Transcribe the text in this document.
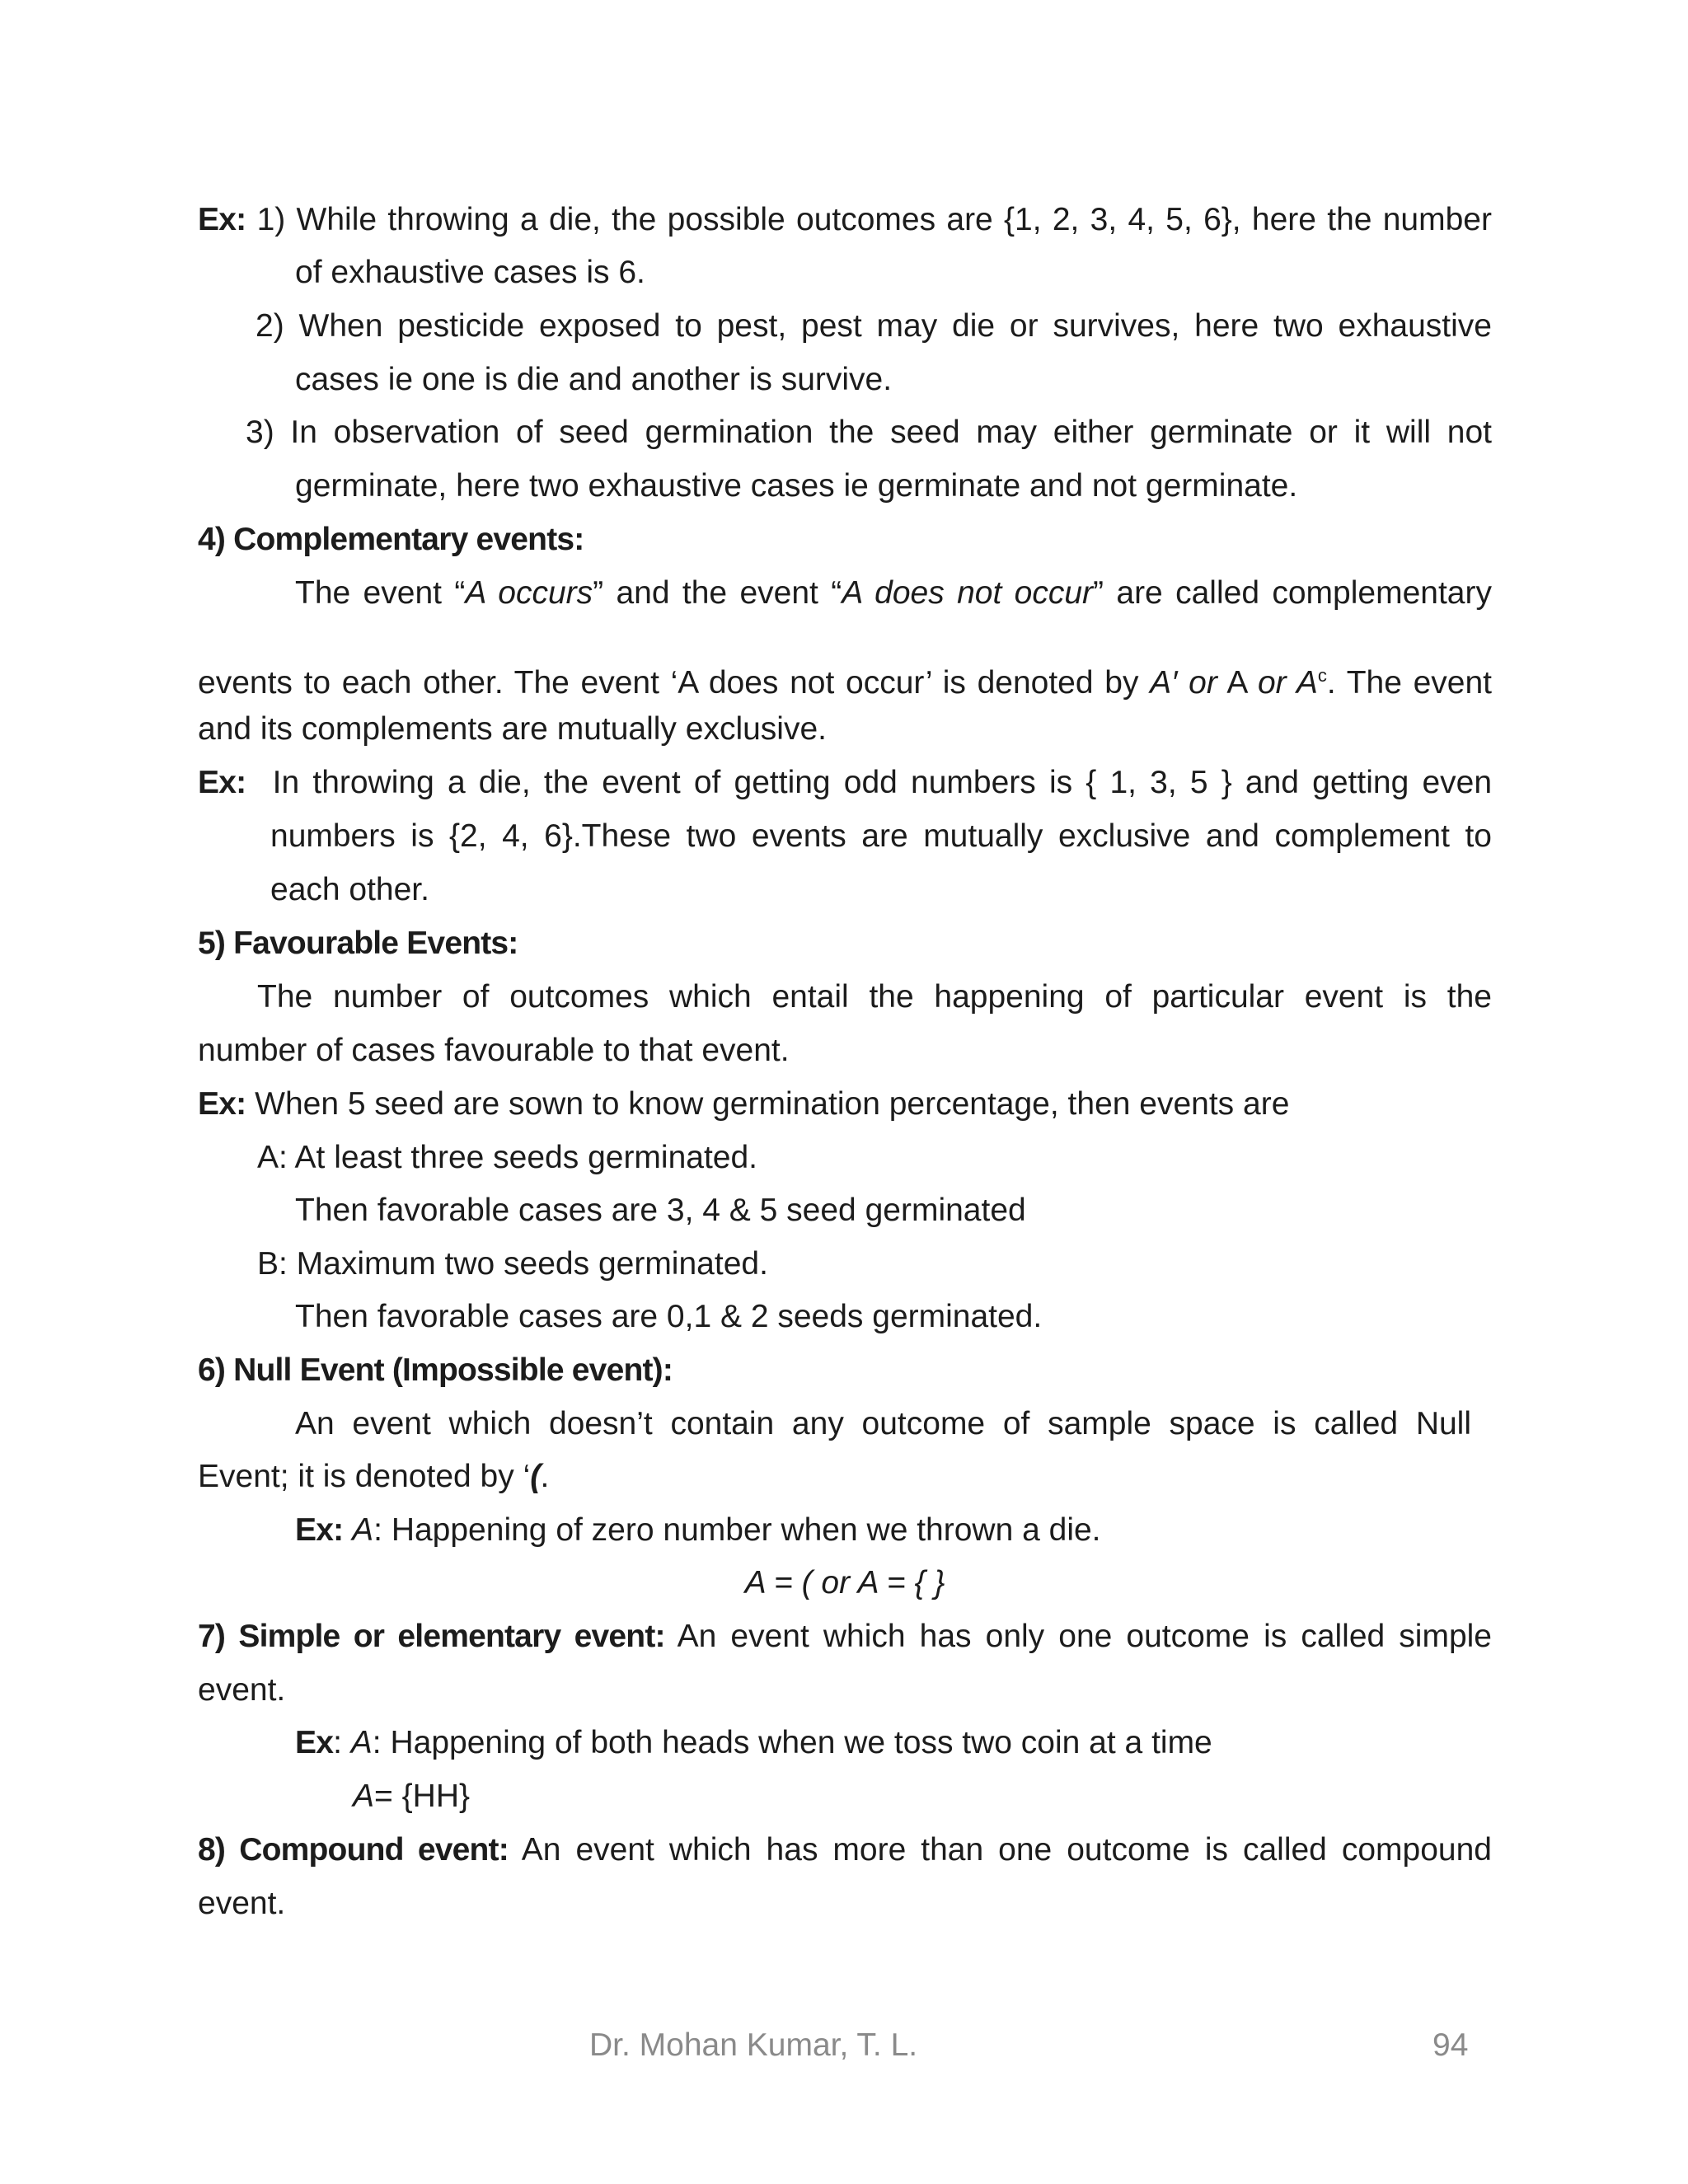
Ex: 1) While throwing a die, the possible outcomes are {1, 2, 3, 4, 5, 6}, here the number

of exhaustive cases is 6.

2) When pesticide exposed to pest, pest may die or survives, here two exhaustive

cases ie one is die and another is survive.

3) In observation of seed germination the seed may either germinate or it will not

germinate, here two exhaustive cases ie germinate and not germinate.

4) Complementary events:

The event “A occurs” and the event “A does not occur” are called complementary

events to each other. The event ‘A does not occur’ is denoted by A′ or A or $A^c$. The event

and its complements are mutually exclusive.

Ex: In throwing a die, the event of getting odd numbers is { 1, 3, 5 } and getting even

numbers is {2, 4, 6}.These two events are mutually exclusive and complement to

each other.

5) Favourable Events:

The number of outcomes which entail the happening of particular event is the

number of cases favourable to that event.

Ex: When 5 seed are sown to know germination percentage, then events are

A: At least three seeds germinated.

Then favorable cases are 3, 4 & 5 seed germinated

B: Maximum two seeds germinated.

Then favorable cases are 0,1 & 2 seeds germinated.

6) Null Event (Impossible event):

An event which doesn’t contain any outcome of sample space is called Null

Event; it is denoted by ‘(.

Ex: A: Happening of zero number when we thrown a die.

A = ( or A = { }

7) Simple or elementary event: An event which has only one outcome is called simple

event.

Ex: A: Happening of both heads when we toss two coin at a time

A= {HH}

8) Compound event: An event which has more than one outcome is called compound

event.

Dr. Mohan Kumar, T. L.	94
